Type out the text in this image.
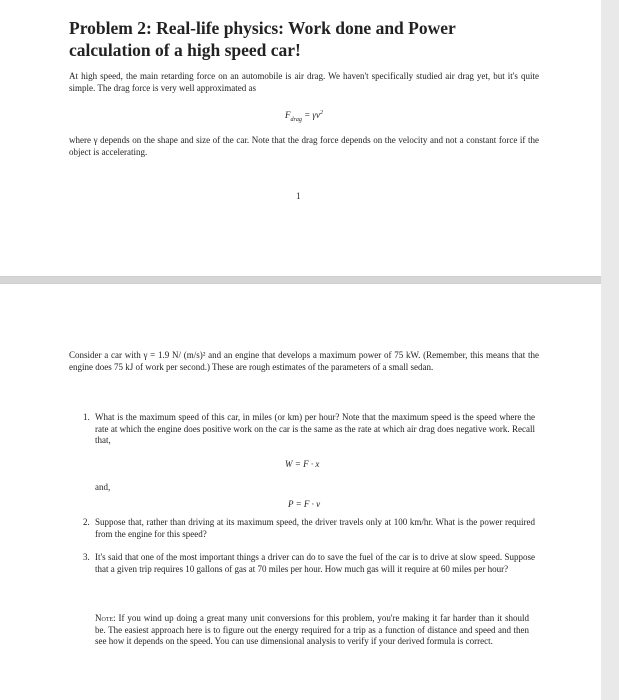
Problem 2: Real-life physics: Work done and Power calculation of a high speed car!

At high speed, the main retarding force on an automobile is air drag. We haven't specifically studied air drag yet, but it's quite simple. The drag force is very well approximated as

$F_{drag} = \gamma v^2$

where γ depends on the shape and size of the car. Note that the drag force depends on the velocity and not a constant force if the object is accelerating.

1

Consider a car with γ = 1.9 N/ (m/s)² and an engine that develops a maximum power of 75 kW. (Remember, this means that the engine does 75 kJ of work per second.) These are rough estimates of the parameters of a small sedan.

1. What is the maximum speed of this car, in miles (or km) per hour? Note that the maximum speed is the speed where the rate at which the engine does positive work on the car is the same as the rate at which air drag does negative work. Recall that,
W = F · x
and,
P = F · v
2. Suppose that, rather than driving at its maximum speed, the driver travels only at 100 km/hr. What is the power required from the engine for this speed?
3. It's said that one of the most important things a driver can do to save the fuel of the car is to drive at slow speed. Suppose that a given trip requires 10 gallons of gas at 70 miles per hour. How much gas will it require at 60 miles per hour?

Note: If you wind up doing a great many unit conversions for this problem, you're making it far harder than it should be. The easiest approach here is to figure out the energy required for a trip as a function of distance and speed and then see how it depends on the speed. You can use dimensional analysis to verify if your derived formula is correct.
